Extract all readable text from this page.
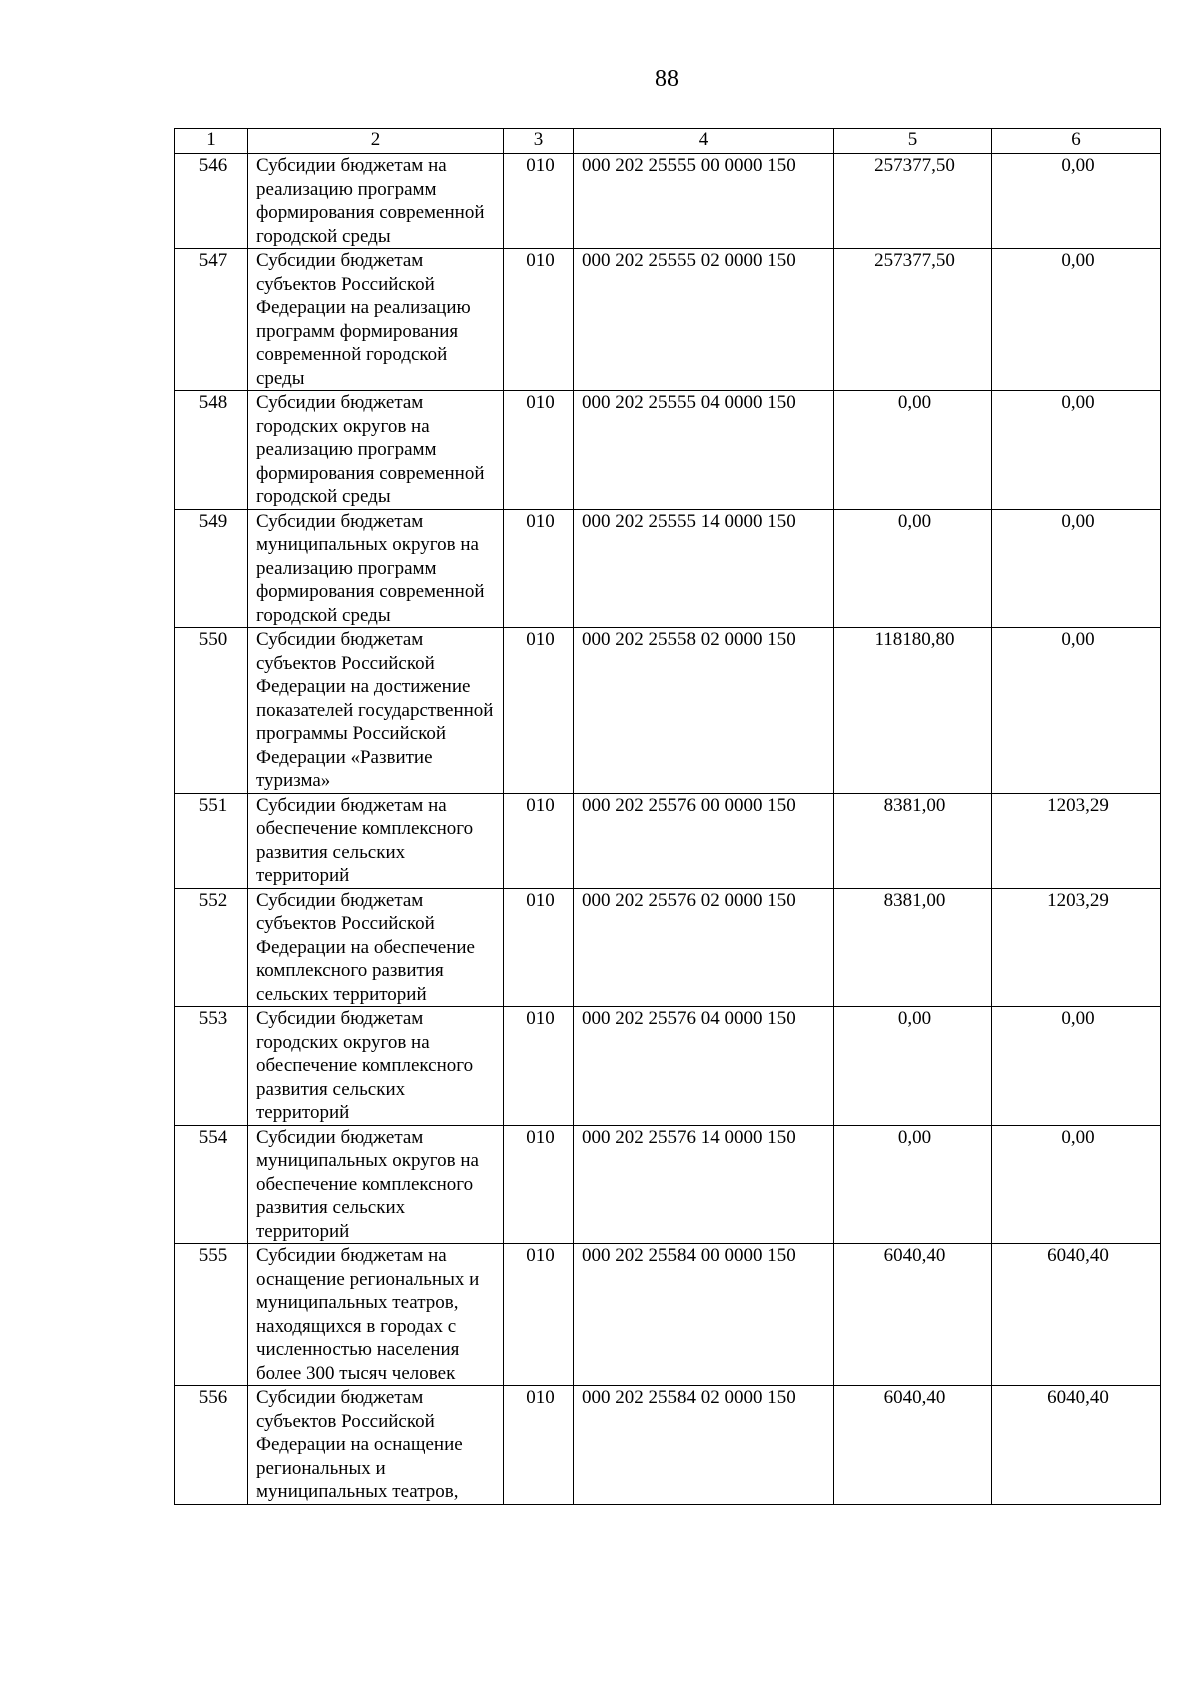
88
1	2	3	4	5	6
546	Субсидии бюджетам на реализацию программ формирования современной городской среды	010	000 202 25555 00 0000 150	257377,50	0,00
547	Субсидии бюджетам субъектов Российской Федерации на реализацию программ формирования современной городской среды	010	000 202 25555 02 0000 150	257377,50	0,00
548	Субсидии бюджетам городских округов на реализацию программ формирования современной городской среды	010	000 202 25555 04 0000 150	0,00	0,00
549	Субсидии бюджетам муниципальных округов на реализацию программ формирования современной городской среды	010	000 202 25555 14 0000 150	0,00	0,00
550	Субсидии бюджетам субъектов Российской Федерации на достижение показателей государственной программы Российской Федерации «Развитие туризма»	010	000 202 25558 02 0000 150	118180,80	0,00
551	Субсидии бюджетам на обеспечение комплексного развития сельских территорий	010	000 202 25576 00 0000 150	8381,00	1203,29
552	Субсидии бюджетам субъектов Российской Федерации на обеспечение комплексного развития сельских территорий	010	000 202 25576 02 0000 150	8381,00	1203,29
553	Субсидии бюджетам городских округов на обеспечение комплексного развития сельских территорий	010	000 202 25576 04 0000 150	0,00	0,00
554	Субсидии бюджетам муниципальных округов на обеспечение комплексного развития сельских территорий	010	000 202 25576 14 0000 150	0,00	0,00
555	Субсидии бюджетам на оснащение региональных и муниципальных театров, находящихся в городах с численностью населения более 300 тысяч человек	010	000 202 25584 00 0000 150	6040,40	6040,40
556	Субсидии бюджетам субъектов Российской Федерации на оснащение региональных и муниципальных театров,	010	000 202 25584 02 0000 150	6040,40	6040,40
